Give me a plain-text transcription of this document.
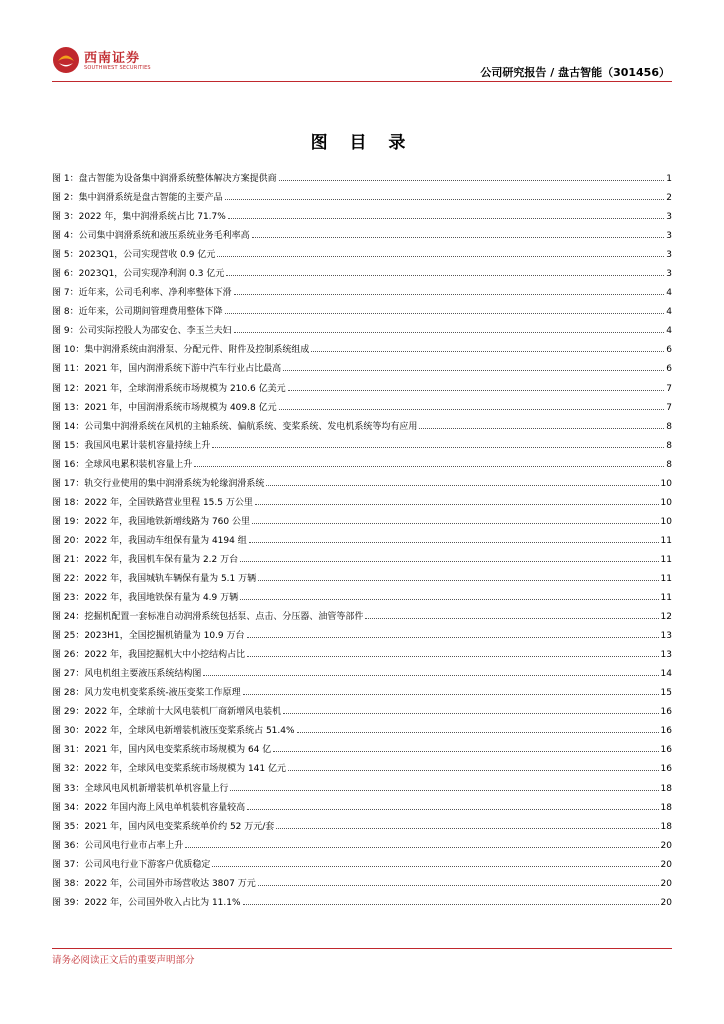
西南证券
SOUTHWEST SECURITIES	公司研究报告 / 盘古智能（301456）
图 目 录
图 1： 盘古智能为设备集中润滑系统整体解决方案提供商	1
图 2： 集中润滑系统是盘古智能的主要产品	2
图 3： 2022 年，集中润滑系统占比 71.7%	3
图 4： 公司集中润滑系统和液压系统业务毛利率高	3
图 5： 2023Q1，公司实现营收 0.9 亿元	3
图 6： 2023Q1，公司实现净利润 0.3 亿元	3
图 7： 近年来，公司毛利率、净利率整体下滑	4
图 8： 近年来，公司期间管理费用整体下降	4
图 9： 公司实际控股人为邵安仓、李玉兰夫妇	4
图 10： 集中润滑系统由润滑泵、分配元件、附件及控制系统组成	6
图 11： 2021 年，国内润滑系统下游中汽车行业占比最高	6
图 12： 2021 年，全球润滑系统市场规模为 210.6 亿美元	7
图 13： 2021 年，中国润滑系统市场规模为 409.8 亿元	7
图 14： 公司集中润滑系统在风机的主轴系统、偏航系统、变桨系统、发电机系统等均有应用	8
图 15： 我国风电累计装机容量持续上升	8
图 16： 全球风电累积装机容量上升	8
图 17： 轨交行业使用的集中润滑系统为轮缘润滑系统	10
图 18： 2022 年，全国铁路营业里程 15.5 万公里	10
图 19： 2022 年，我国地铁新增线路为 760 公里	10
图 20： 2022 年，我国动车组保有量为 4194 组	11
图 21： 2022 年，我国机车保有量为 2.2 万台	11
图 22： 2022 年，我国城轨车辆保有量为 5.1 万辆	11
图 23： 2022 年，我国地铁保有量为 4.9 万辆	11
图 24： 挖掘机配置一套标准自动润滑系统包括泵、点击、分压器、油管等部件	12
图 25： 2023H1，全国挖掘机销量为 10.9 万台	13
图 26： 2022 年，我国挖掘机大中小挖结构占比	13
图 27： 风电机组主要液压系统结构图	14
图 28： 风力发电机变桨系统-液压变桨工作原理	15
图 29： 2022 年，全球前十大风电装机厂商新增风电装机	16
图 30： 2022 年，全球风电新增装机液压变桨系统占 51.4%	16
图 31： 2021 年，国内风电变桨系统市场规模为 64 亿	16
图 32： 2022 年，全球风电变桨系统市场规模为 141 亿元	16
图 33： 全球风电风机新增装机单机容量上行	18
图 34： 2022 年国内海上风电单机装机容量较高	18
图 35： 2021 年，国内风电变桨系统单价约 52 万元/套	18
图 36： 公司风电行业市占率上升	20
图 37： 公司风电行业下游客户优质稳定	20
图 38： 2022 年，公司国外市场营收达 3807 万元	20
图 39： 2022 年，公司国外收入占比为 11.1%	20
请务必阅读正文后的重要声明部分
